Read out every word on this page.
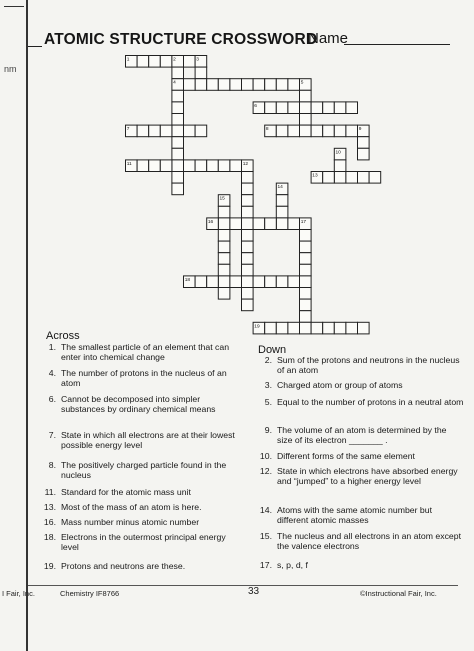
nm
ATOMIC STRUCTURE CROSSWORD
Name
1	2	3
4	5
6
7	8	9
10
11	12
13
14
15
16	17
18
19
Across
Down
1. The smallest particle of an element that can enter into chemical change
4. The number of protons in the nucleus of an atom
6. Cannot be decomposed into simpler substances by ordinary chemical means
7. State in which all electrons are at their lowest possible energy level
8. The positively charged particle found in the nucleus
11. Standard for the atomic mass unit
13. Most of the mass of an atom is here.
16. Mass number minus atomic number
18. Electrons in the outermost principal energy level
19. Protons and neutrons are these.
2. Sum of the protons and neutrons in the nucleus of an atom
3. Charged atom or group of atoms
5. Equal to the number of protons in a neutral atom
9. The volume of an atom is determined by the size of its electron _______ .
10. Different forms of the same element
12. State in which electrons have absorbed energy and “jumped” to a higher energy level
14. Atoms with the same atomic number but different atomic masses
15. The nucleus and all electrons in an atom except the valence electrons
17. s, p, d, f
I Fair, Inc.	Chemistry IF8766	33	©Instructional Fair, Inc.
